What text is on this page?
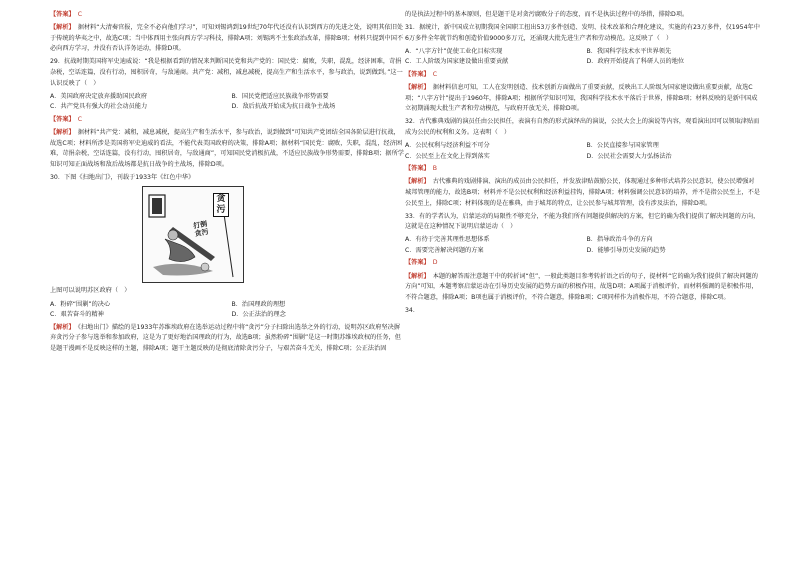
【答案】 C

【解析】 据材料“大清奏官报，完全不必向他们学习”，可知刘锡鸿到19世纪70年代还没有认识到西方的先进之处，说明其依旧处于传统的华夷之中，故选C项；当中体西用主张向西方学习科技，排除A项；刘锡鸿不主张政治改革，排除B项；材料只提到中国不必向西方学习，并没有否认洋务运动，排除D项。

29．抗战时期美国将军史迪威说：“我是根据看到的情况来判断国民党和共产党的：国民党：腐败，失职，混乱，经济困难，苛捐杂税，空话连篇，没有行动，囤积居奇，与敌通商。共产党：减租，减息减税，提高生产和生活水平，参与政治，说到做到。”这一认识反映了（　）

A．美国政府决定放弃援助国民政府	B．国民党把适应民族战争形势需要
C．共产党具有强大的社会动员能力	D．敌后抗战开始成为抗日战争主战场

【答案】 C

【解析】 据材料“共产党：减租，减息减税，提高生产和生活水平，参与政治，说到做到”可知共产党团结全国各阶层进行抗战，故选C项；材料所涉是美国将军史迪威的看法，不能代表美国政府的决策，排除A项；据材料“国民党：腐败，失职，混乱，经济困难，苛捐杂税，空话连篇，没有行动，囤积居奇，与敌通商”，可知国民党消极抗战，不适应民族战争形势需要，排除B项；据所学知识可知正面战场和敌后战场都是抗日战争的主战场，排除D项。

30．下图《扫地出门》，刊载于1933年《红色中华》

贪污
打倒贪污

上图可以说明苏区政府（　）

A．粉碎“围剿”的决心	B．治国理政的理想
C．艰苦奋斗的精神	D．公正法治的理念

【解析】 《扫地出门》描绘的是1933年苏维埃政府在选举运动过程中将“贪污”分子扫除出选举之外的行动，说明苏区政府坚决摒弃贪污分子参与选举和参加政府，这是为了更好地治国理政的行为，故选B项；虽然粉碎“围剿”是这一时期苏维埃政权的任务，但是题干漫画不是反映这样的主题，排除A项；题干主题反映的是彻底清除贪污分子，与艰苦奋斗无关，排除C项；公正法治固

的是执法过程中的基本原则，但是题干是对贪污腐败分子的态度，而不是执法过程中的举措，排除D项。

31．据统计，新中国成立初期我国全国职工扭出53万多件创造、发明、技术改革和合理化建议，实施的有23万多件，仅1954年中6万多件全年就节约和创造价值9000多万元，还涌现大批先进生产者和劳动模范。这反映了（　）

A．“八字方针”促使工业化目标实现	B．我国科学技术水平世界领先
C．工人阶级为国家建设做出重要贡献	D．政府开始提高了科研人员的地位

【答案】 C

【解析】 据材料信息可知，工人在发明创造、技术创新方面做出了重要贡献，反映出工人阶级为国家建设做出重要贡献，故选C项；“八字方针”提出于1960年，排除A项；根据所学知识可知，我国科学技术水平落后于世界，排除B项；材料反映的是新中国成立初期涌现大批生产者和劳动模范，与政府开放无关，排除D项。

32．古代雅典戏剧的演员任由公民担任，表演有自然的形式演绎出的演说，公民大会上的演说等内容，观看演出因可以领取津贴而成为公民的权利和义务。这表明（　）

A．公民权利与经济利益不可分	B．公民直接参与国家管理
C．公民至上在文化上得到落实	D．公民社会需要大力弘扬法治

【答案】 B

【解析】 古代雅典的戏剧排演、演出的成员由公民担任，并发放津贴鼓励公民，体现通过多种形式培养公民意识，使公民增强对城邦管理的能力，故选B项；材料并不是公民权利和经济利益挂钩，排除A项；材料强调公民意识的培养，并不是指公民至上，不是公民至上，排除C项；材料体现的是在雅典，由于城邦的特点，让公民参与城邦管理，没有涉及法治，排除D项。

33．有的学者认为，启蒙运动的局限性不够充分，不能为我们所有问题提供解决的方案，但它的确为我们提供了解决问题的方向，这就是在这种情况下说明启蒙运动（　）

A．有待于完善其理性思想体系	B．指导政治斗争的方向
C．需要完善解决问题的方案	D．能够引导历史发展的趋势

【答案】 D

【解析】 本题的解答需注意题干中的转折词“但”，一般此类题目参考转折语之后的句子，提材料“它的确为我们提供了解决问题的方向”可知，本题考察启蒙运动在引导历史发展的趋势方面的积极作用，故选D项；A项属于消极评价，而材料强调的是积极作用，不符合题意，排除A项；B项也属于消极评价，不符合题意，排除B项；C项同样作为消极作用，不符合题意，排除C项。

34．
